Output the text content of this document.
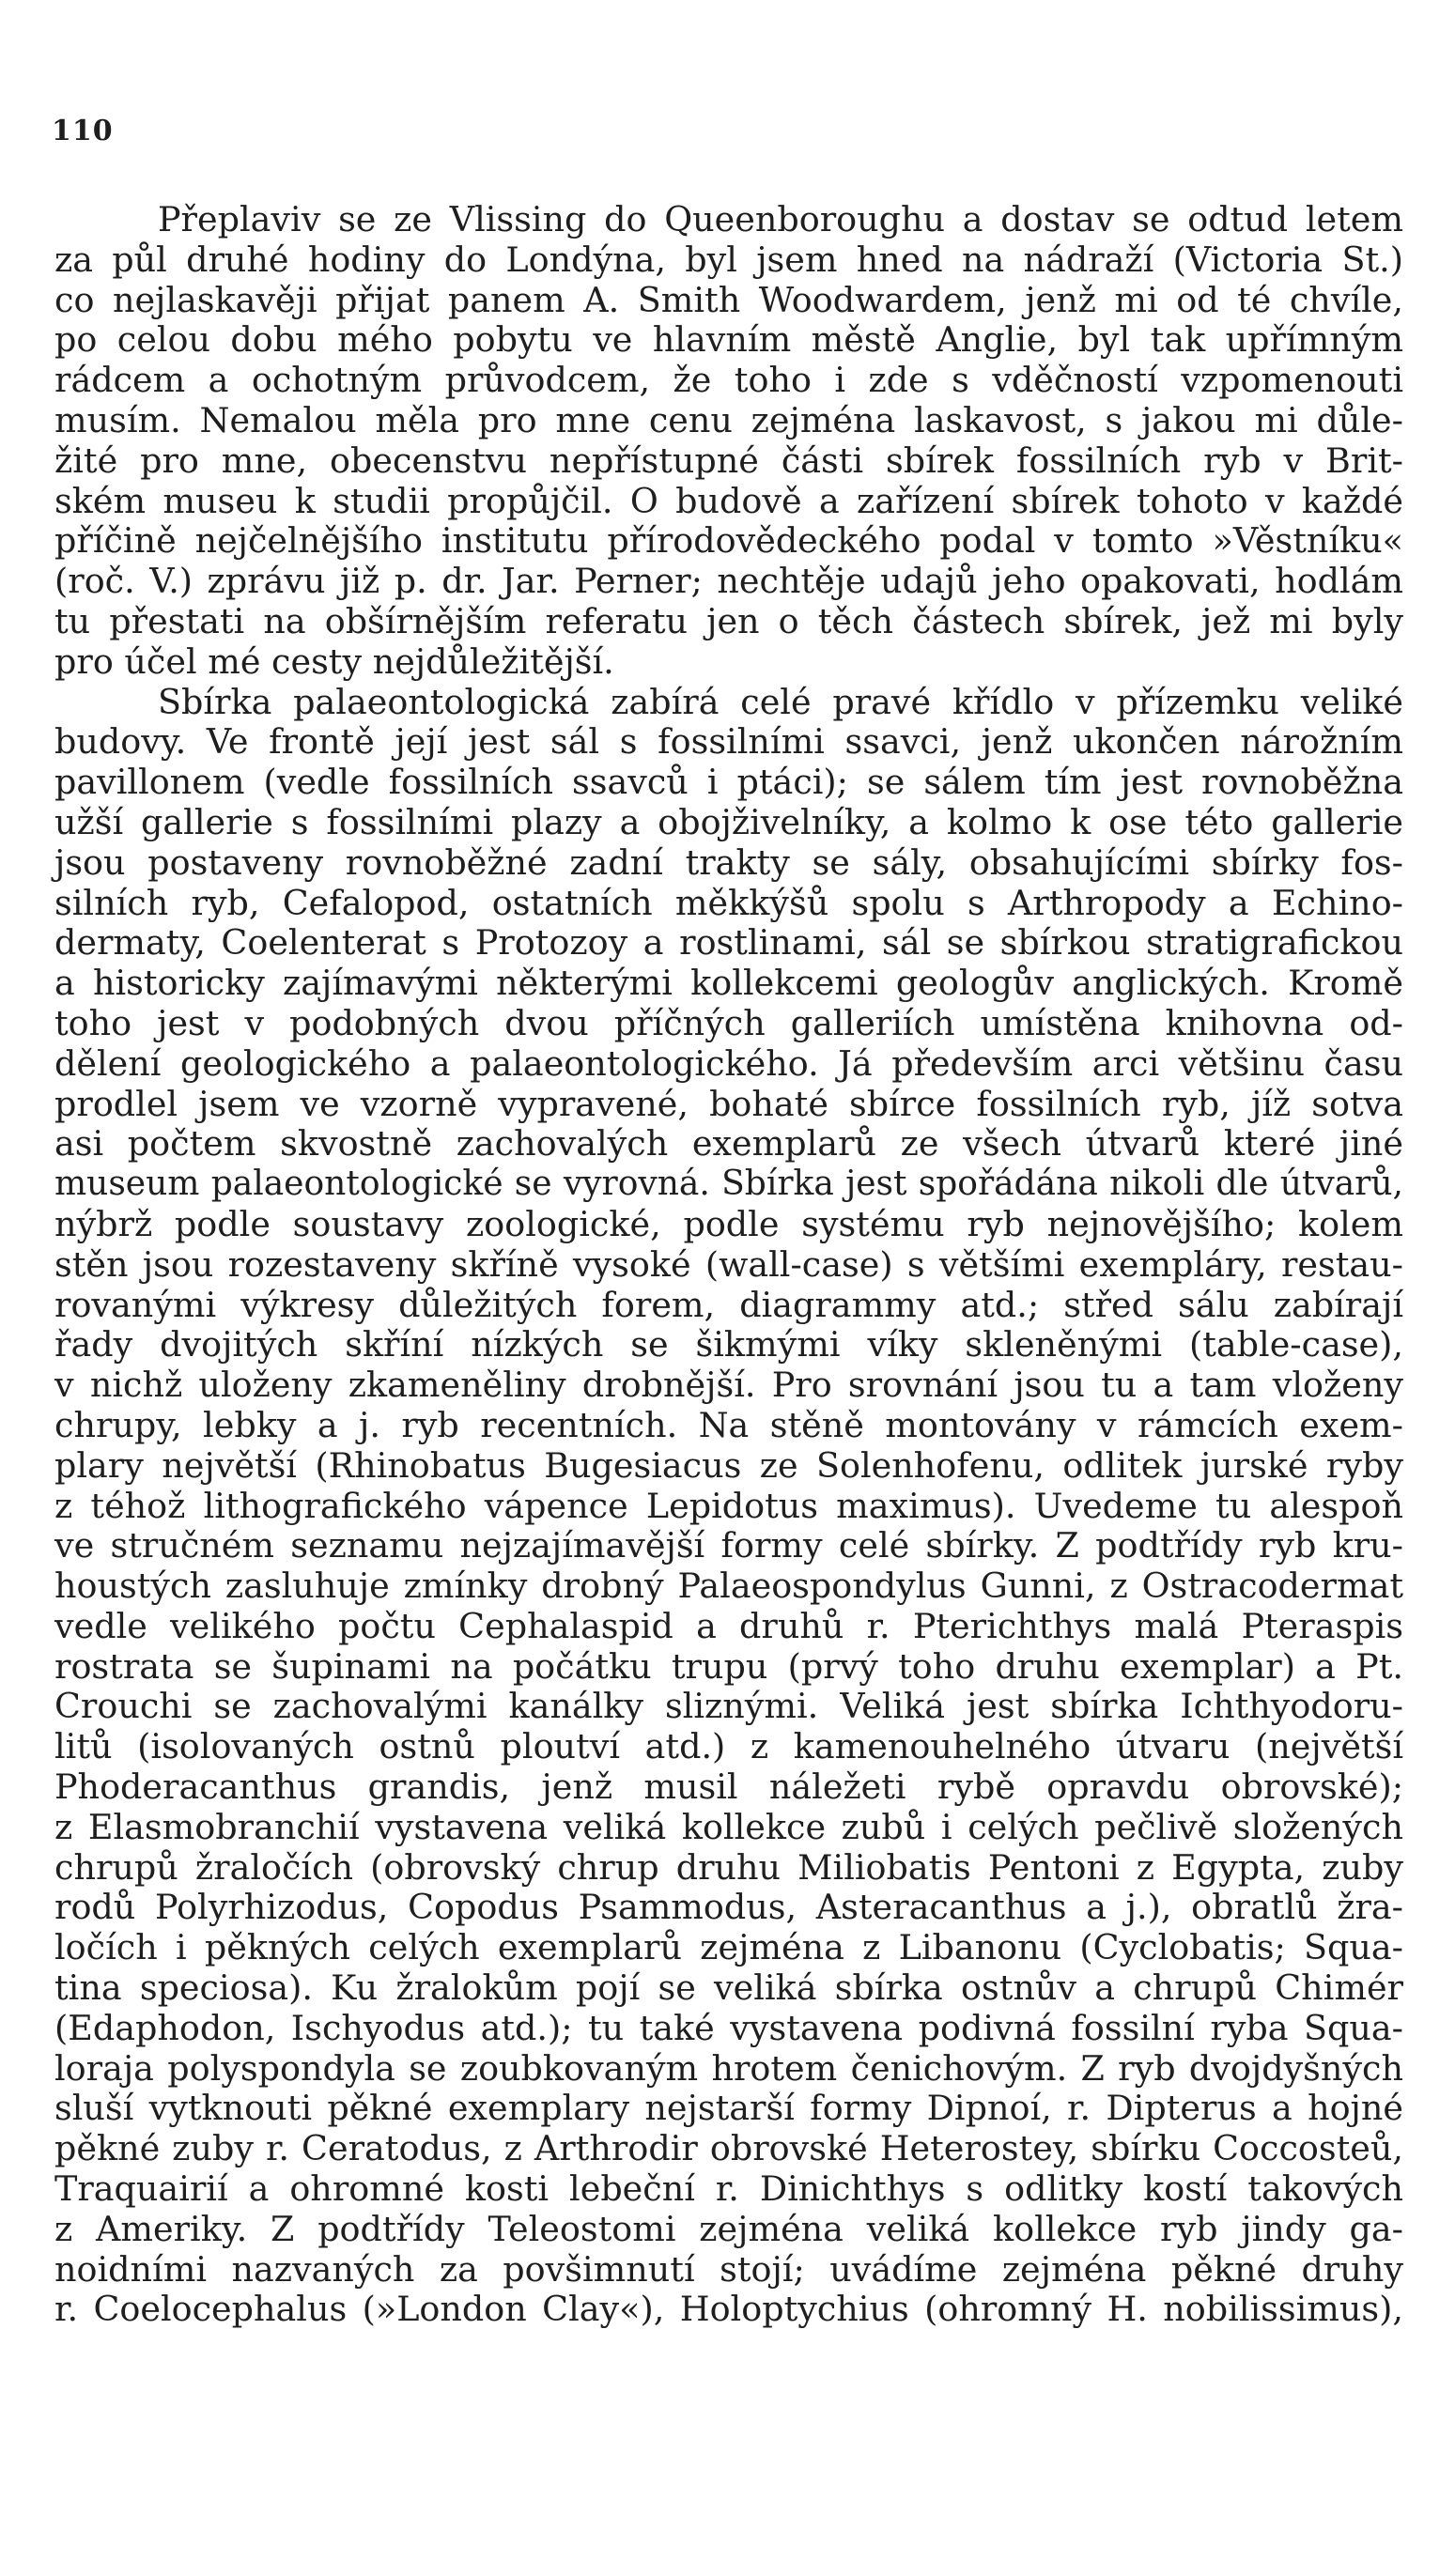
110
Přeplaviv se ze Vlissing do Queenboroughu a dostav se odtud letem
za půl druhé hodiny do Londýna, byl jsem hned na nádraží (Victoria St.)
co nejlaskavěji přijat panem A. Smith Woodwardem, jenž mi od té chvíle,
po celou dobu mého pobytu ve hlavním městě Anglie, byl tak upřímným
rádcem a ochotným průvodcem, že toho i zde s vděčností vzpomenouti
musím. Nemalou měla pro mne cenu zejména laskavost, s jakou mi důle-
žité pro mne, obecenstvu nepřístupné části sbírek fossilních ryb v Brit-
ském museu k studii propůjčil. O budově a zařízení sbírek tohoto v každé
příčině nejčelnějšího institutu přírodovědeckého podal v tomto »Věstníku«
(roč. V.) zprávu již p. dr. Jar. Perner; nechtěje udajů jeho opakovati, hodlám
tu přestati na obšírnějším referatu jen o těch částech sbírek, jež mi byly
pro účel mé cesty nejdůležitější.
Sbírka palaeontologická zabírá celé pravé křídlo v přízemku veliké
budovy. Ve frontě její jest sál s fossilními ssavci, jenž ukončen nárožním
pavillonem (vedle fossilních ssavců i ptáci); se sálem tím jest rovnoběžna
užší gallerie s fossilními plazy a obojživelníky, a kolmo k ose této gallerie
jsou postaveny rovnoběžné zadní trakty se sály, obsahujícími sbírky fos-
silních ryb, Cefalopod, ostatních měkkýšů spolu s Arthropody a Echino-
dermaty, Coelenterat s Protozoy a rostlinami, sál se sbírkou stratigrafickou
a historicky zajímavými některými kollekcemi geologův anglických. Kromě
toho jest v podobných dvou příčných galleriích umístěna knihovna od-
dělení geologického a palaeontologického. Já především arci většinu času
prodlel jsem ve vzorně vypravené, bohaté sbírce fossilních ryb, jíž sotva
asi počtem skvostně zachovalých exemplarů ze všech útvarů které jiné
museum palaeontologické se vyrovná. Sbírka jest spořádána nikoli dle útvarů,
nýbrž podle soustavy zoologické, podle systému ryb nejnovějšího; kolem
stěn jsou rozestaveny skříně vysoké (wall-case) s většími exempláry, restau-
rovanými výkresy důležitých forem, diagrammy atd.; střed sálu zabírají
řady dvojitých skříní nízkých se šikmými víky skleněnými (table-case),
v nichž uloženy zkameněliny drobnější. Pro srovnání jsou tu a tam vloženy
chrupy, lebky a j. ryb recentních. Na stěně montovány v rámcích exem-
plary největší (Rhinobatus Bugesiacus ze Solenhofenu, odlitek jurské ryby
z téhož lithografického vápence Lepidotus maximus). Uvedeme tu alespoň
ve stručném seznamu nejzajímavější formy celé sbírky. Z podtřídy ryb kru-
houstých zasluhuje zmínky drobný Palaeospondylus Gunni, z Ostracodermat
vedle velikého počtu Cephalaspid a druhů r. Pterichthys malá Pteraspis
rostrata se šupinami na počátku trupu (prvý toho druhu exemplar) a Pt.
Crouchi se zachovalými kanálky sliznými. Veliká jest sbírka Ichthyodoru-
litů (isolovaných ostnů ploutví atd.) z kamenouhelného útvaru (největší
Phoderacanthus grandis, jenž musil náležeti rybě opravdu obrovské);
z Elasmobranchií vystavena veliká kollekce zubů i celých pečlivě složených
chrupů žraločích (obrovský chrup druhu Miliobatis Pentoni z Egypta, zuby
rodů Polyrhizodus, Copodus Psammodus, Asteracanthus a j.), obratlů žra-
ločích i pěkných celých exemplarů zejména z Libanonu (Cyclobatis; Squa-
tina speciosa). Ku žralokům pojí se veliká sbírka ostnův a chrupů Chimér
(Edaphodon, Ischyodus atd.); tu také vystavena podivná fossilní ryba Squa-
loraja polyspondyla se zoubkovaným hrotem čenichovým. Z ryb dvojdyšných
sluší vytknouti pěkné exemplary nejstarší formy Dipnoí, r. Dipterus a hojné
pěkné zuby r. Ceratodus, z Arthrodir obrovské Heterostey, sbírku Coccosteů,
Traquairií a ohromné kosti lebeční r. Dinichthys s odlitky kostí takových
z Ameriky. Z podtřídy Teleostomi zejména veliká kollekce ryb jindy ga-
noidními nazvaných za povšimnutí stojí; uvádíme zejména pěkné druhy
r. Coelocephalus (»London Clay«), Holoptychius (ohromný H. nobilissimus),
